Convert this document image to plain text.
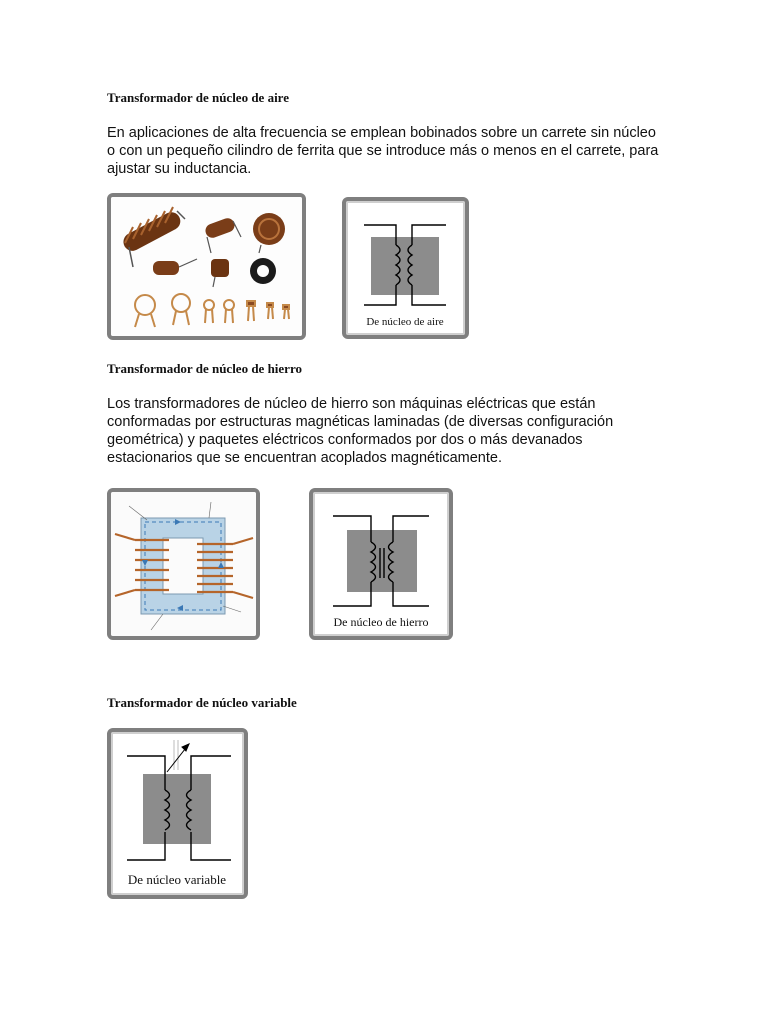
Transformador de núcleo de aire

En aplicaciones de alta frecuencia se emplean bobinados sobre un carrete sin núcleo o con un pequeño cilindro de ferrita que se introduce más o menos en el carrete, para ajustar su inductancia.

De núcleo de aire
Transformador de núcleo de hierro

Los transformadores de núcleo de hierro son máquinas eléctricas que están conformadas por estructuras magnéticas laminadas (de diversas configuración geométrica) y paquetes eléctricos conformados por dos o más devanados estacionarios que se encuentran acoplados magnéticamente.

De núcleo de hierro
Transformador de núcleo variable
De núcleo variable
